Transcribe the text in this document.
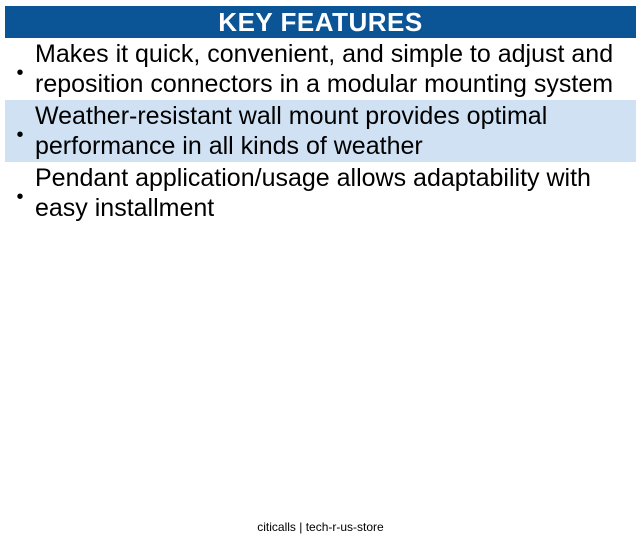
KEY FEATURES
•
Makes it quick, convenient, and simple to adjust and
reposition connectors in a modular mounting system
•
Weather-resistant wall mount provides optimal
performance in all kinds of weather
•
Pendant application/usage allows adaptability with
easy installment
citicalls | tech-r-us-store
